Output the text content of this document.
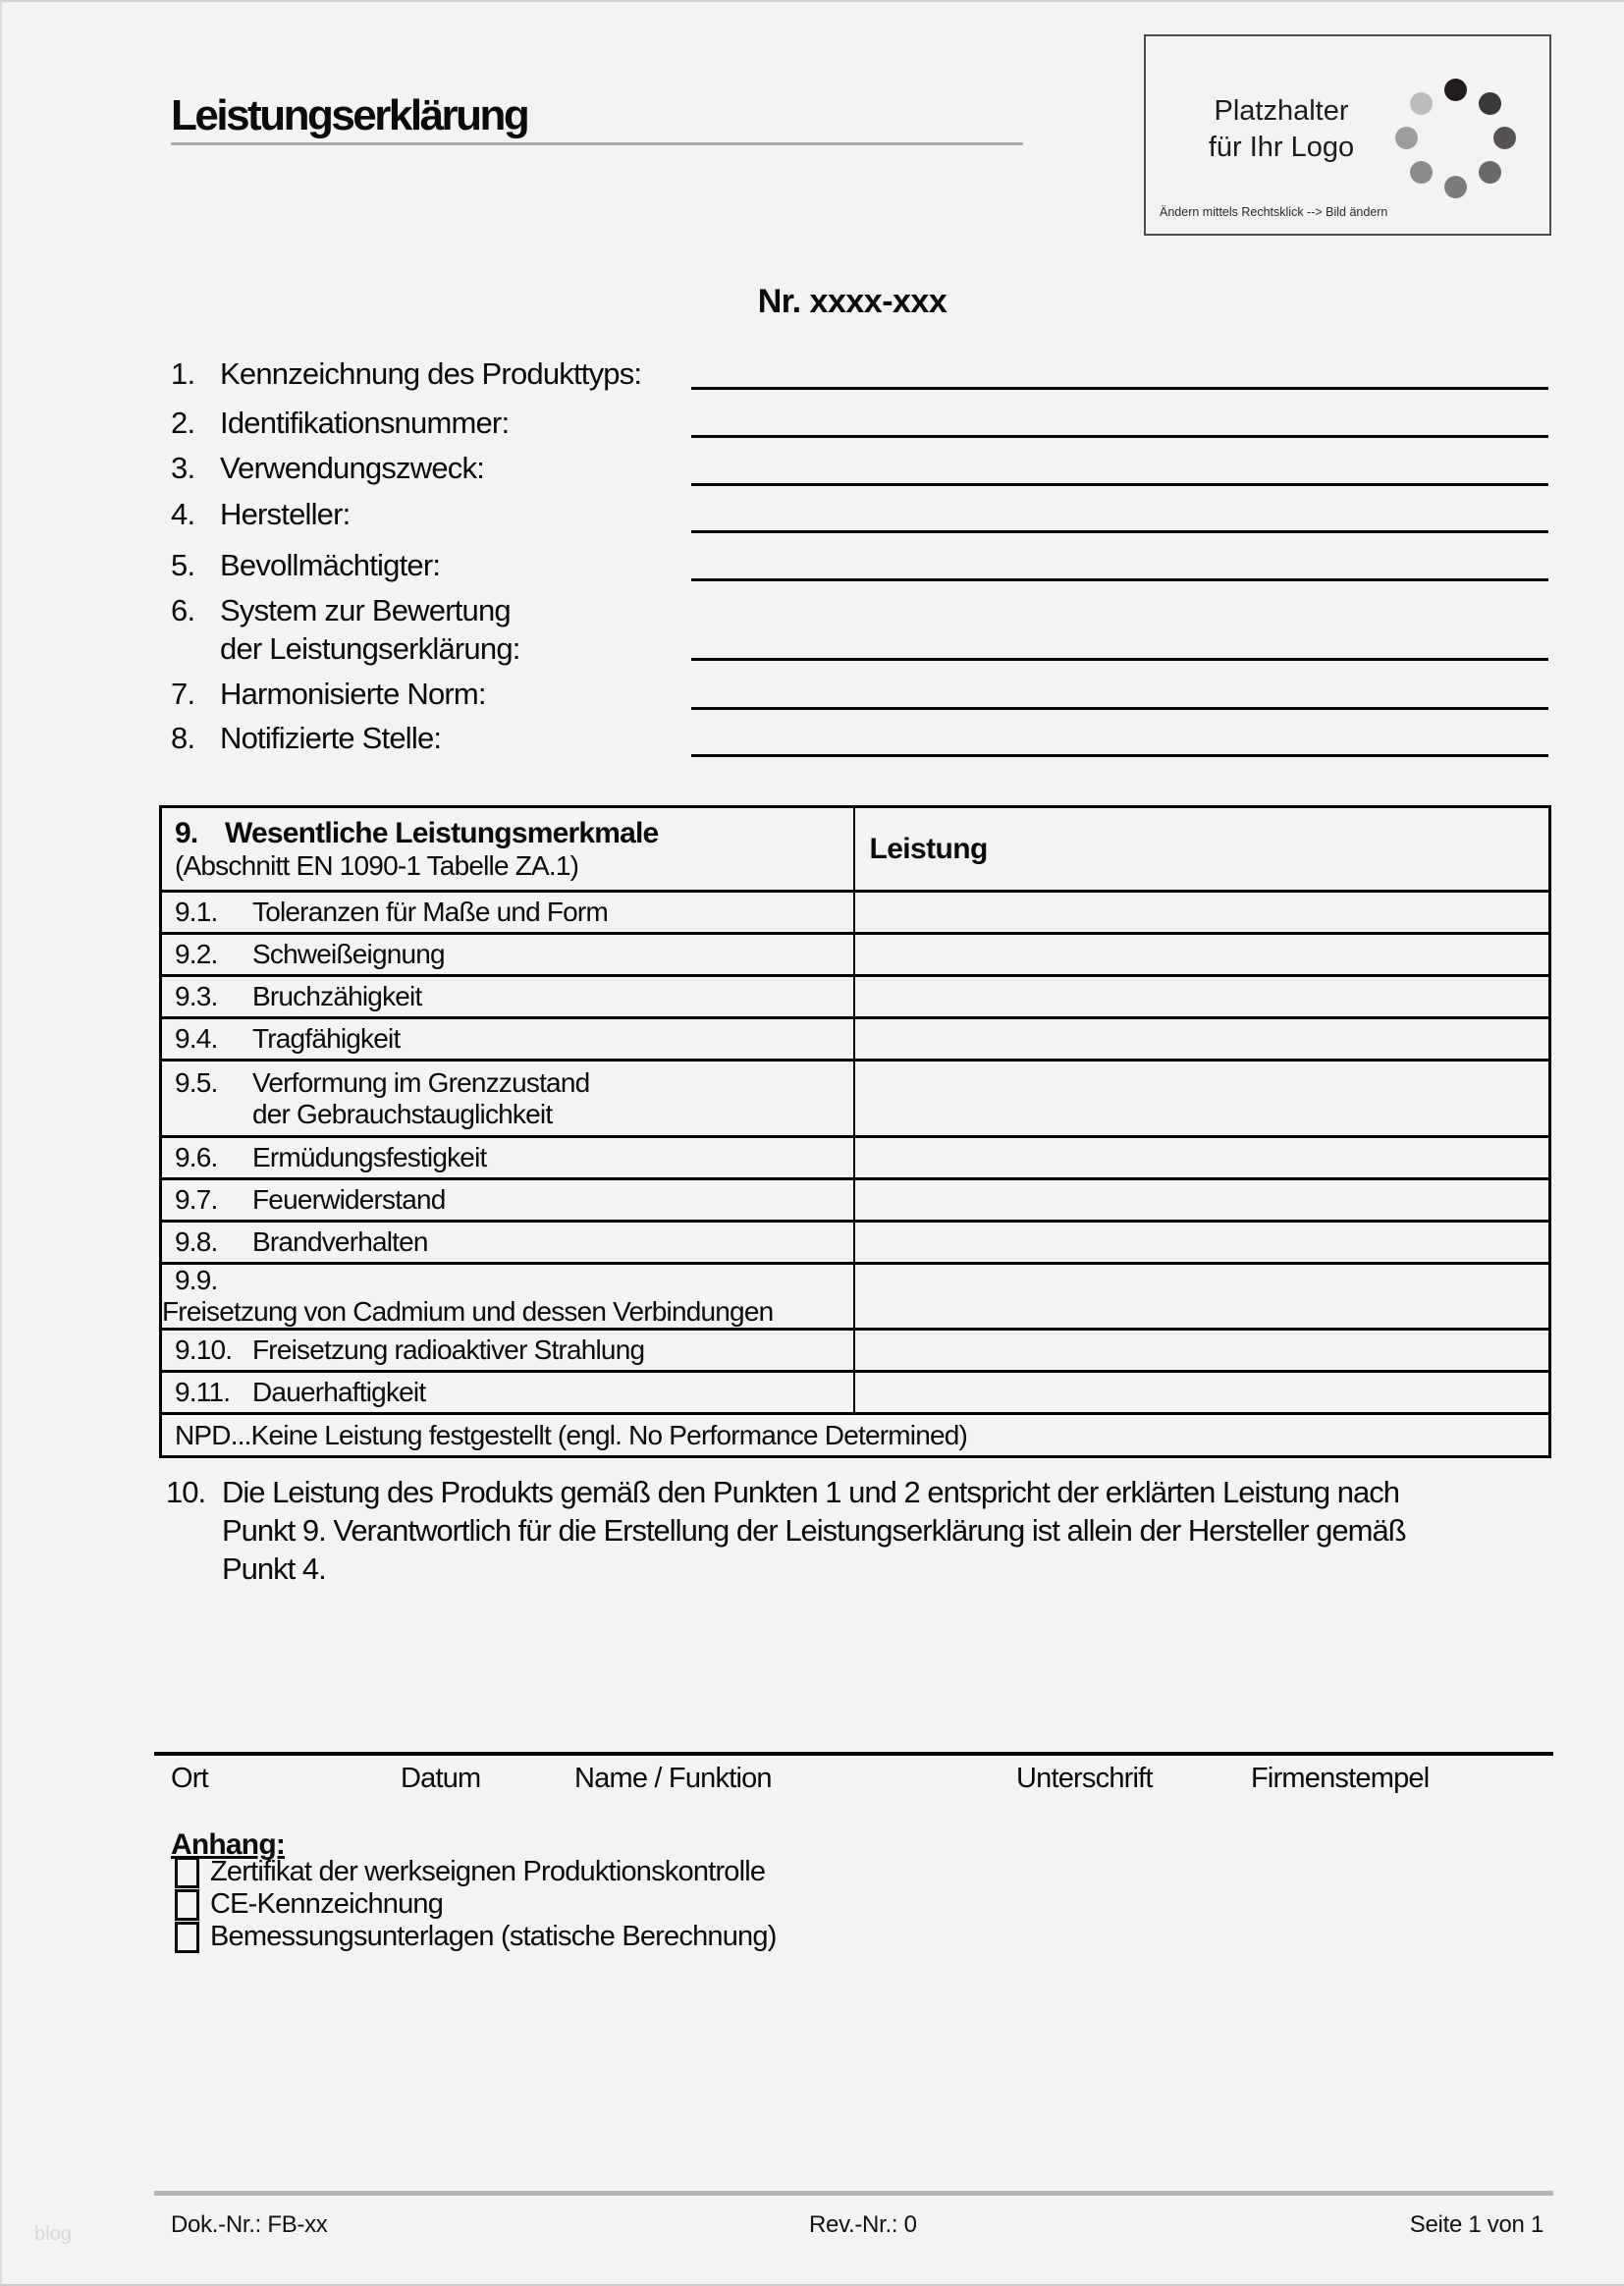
Leistungserklärung	Platzhalter
für Ihr Logo
Ändern mittels Rechtsklick --> Bild ändern
Nr. xxxx-xxx
1. Kennzeichnung des Produkttyps:
2. Identifikationsnummer:
3. Verwendungszweck:
4. Hersteller:
5. Bevollmächtigter:
6. System zur Bewertung
der Leistungserklärung:
7. Harmonisierte Norm:
8. Notifizierte Stelle:
9. Wesentliche Leistungsmerkmale
(Abschnitt EN 1090-1 Tabelle ZA.1)	Leistung

9.1. Toleranzen für Maße und Form	
9.2. Schweißeignung	
9.3. Bruchzähigkeit	
9.4. Tragfähigkeit	

9.5. Verformung im Grenzzustand
der Gebrauchstauglichkeit	

9.6. Ermüdungsfestigkeit	
9.7. Feuerwiderstand	
9.8. Brandverhalten	
9.9.Freisetzung von Cadmium und dessen Verbindungen	
9.10. Freisetzung radioaktiver Strahlung	
9.11. Dauerhaftigkeit	

NPD...Keine Leistung festgestellt (engl. No Performance Determined)	
10. Die Leistung des Produkts gemäß den Punkten 1 und 2 entspricht der erklärten Leistung nach
Punkt 9. Verantwortlich für die Erstellung der Leistungserklärung ist allein der Hersteller gemäß
Punkt 4.
Ort	Datum	Name / Funktion	Unterschrift	Firmenstempel
Anhang:
Zertifikat der werkseignen Produktionskontrolle
CE-Kennzeichnung
Bemessungsunterlagen (statische Berechnung)
Dok.-Nr.: FB-xx	Rev.-Nr.: 0	Seite 1 von 1
blog
